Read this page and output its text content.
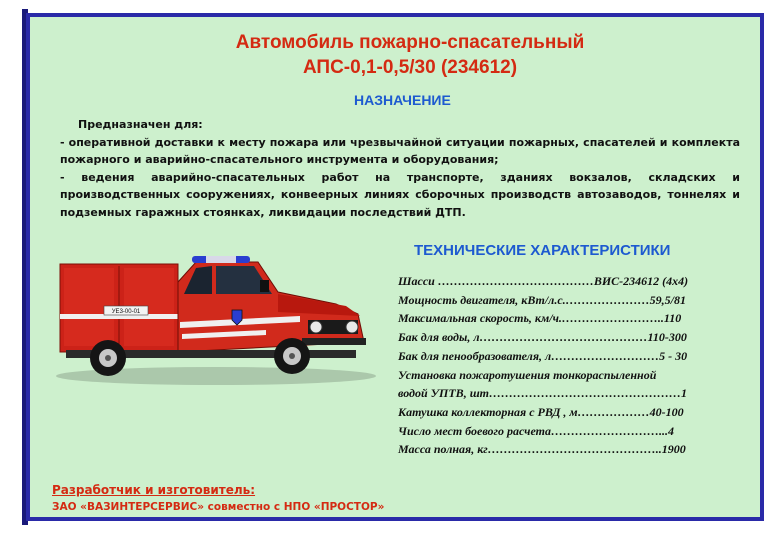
Автомобиль пожарно-спасательный
АПС-0,1-0,5/30 (234612)
НАЗНАЧЕНИЕ

Предназначен для:

- оперативной доставки к месту пожара или чрезвычайной ситуации пожарных, спасателей и комплекта пожарного и аварийно-спасательного инструмента и оборудования;

- ведения аварийно-спасательных работ на транспорте, зданиях вокзалов, складских и производственных сооружениях, конвеерных линиях сборочных производств автозаводов, тоннелях и подземных гаражных стоянках, ликвидации последствий ДТП.

УЕ3-00-01
ТЕХНИЧЕСКИЕ ХАРАКТЕРИСТИКИ
Шасси …………………………………ВИС-234612 (4x4)
Мощность двигателя, кВт/л.с.…………………59,5/81
Максимальная скорость, км/ч.……………………..110
Бак для воды, л……………………………………110-300
Бак для пенообразователя, л………………………5 - 30
Установка пожаротушения тонкораспыленной
водой УПТВ, шт…………………………………………1
Катушка коллекторная с РВД , м………………40-100
Число мест боевого расчета………………………...4
Масса полная, кг……………………………………..1900
Разработчик и изготовитель:
ЗАО «ВАЗИНТЕРСЕРВИС» совместно с НПО «ПРОСТОР»
